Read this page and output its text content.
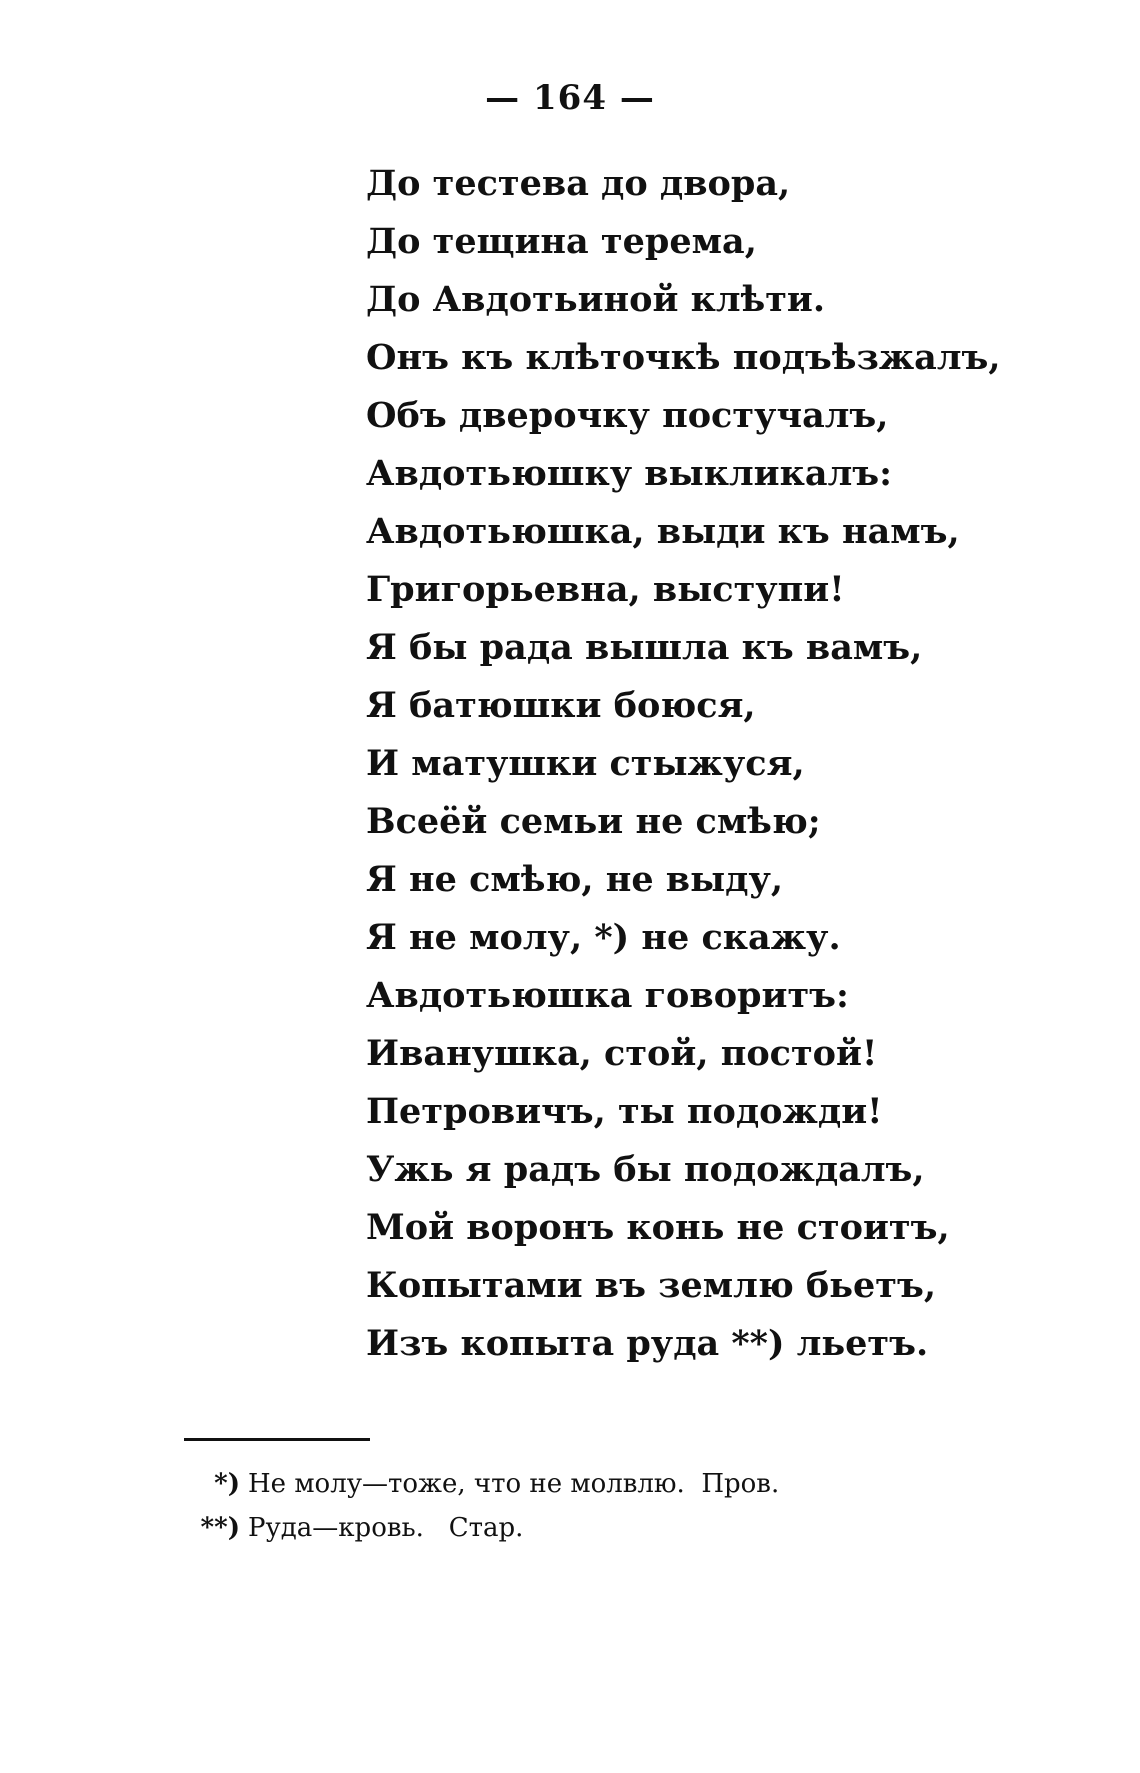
— 164 —
До тестева до двора,
До тещина терема,
До Авдотьиной клѣти.
Онъ къ клѣточкѣ подъѣзжалъ,
Объ дверочку постучалъ,
Авдотьюшку выкликалъ:
Авдотьюшка, выди къ намъ,
Григорьевна, выступи!
Я бы рада вышла къ вамъ,
Я батюшки боюся,
И матушки стыжуся,
Всеёй семьи не смѣю;
Я не смѣю, не выду,
Я не молу, *) не скажу.
Авдотьюшка говоритъ:
Иванушка, стой, постой!
Петровичъ, ты подожди!
Ужь я радъ бы подождалъ,
Мой воронъ конь не стоитъ,
Копытами въ землю бьетъ,
Изъ копыта руда **) льетъ.
*) Не молу—тоже, что не молвлю.  Пров.
**) Руда—кровь.   Стар.
